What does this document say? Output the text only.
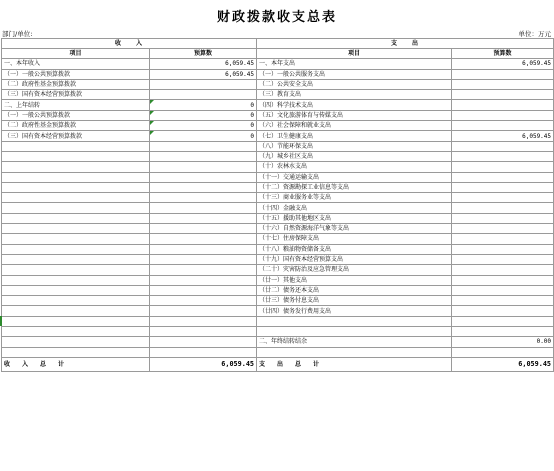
财政拨款收支总表
部门/单位:	单位：万元
收　　入		支　　出	
项目	预算数	项目	预算数
一、本年收入	6,059.45	一、本年支出	6,059.45
（一）一般公共预算拨款	6,059.45	（一）一般公共服务支出	
（二）政府性基金预算拨款		（二）公共安全支出	
（三）国有资本经营预算拨款		（三）教育支出	
二、上年结转	0	（四）科学技术支出	
（一）一般公共预算拨款	0	（五）文化旅游体育与传媒支出	
（二）政府性基金预算拨款	0	（六）社会保障和就业支出	
（三）国有资本经营预算拨款	0	（七）卫生健康支出	6,059.45
		（八）节能环保支出	
		（九）城乡社区支出	
		（十）农林水支出	
		（十一）交通运输支出	
		（十二）资源勘探工业信息等支出	
		（十三）商业服务业等支出	
		（十四）金融支出	
		（十五）援助其他地区支出	
		（十六）自然资源海洋气象等支出	
		（十七）住房保障支出	
		（十八）粮油物资储备支出	
		（十九）国有资本经营预算支出	
		（二十）灾害防治及应急管理支出	
		（廿一）其他支出	
		（廿二）债务还本支出	
		（廿三）债务付息支出	
		（廿四）债务发行费用支出	

		二、年终结转结余	0.00

收　入　总　计	6,059.45	支　出　总　计	6,059.45
